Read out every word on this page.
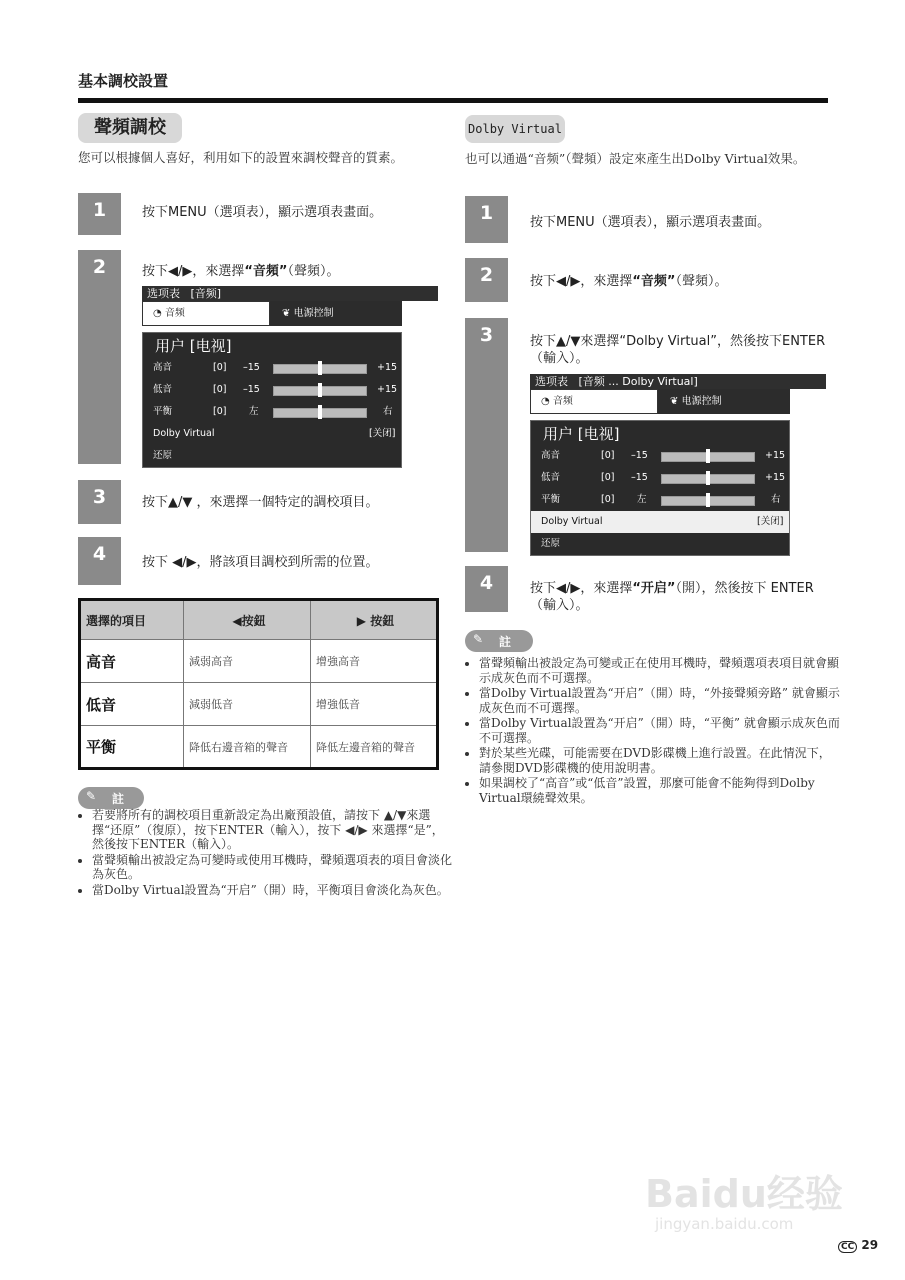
基本調校設置
聲頻調校
您可以根據個人喜好，利用如下的設置來調校聲音的質素。
1	按下MENU（選項表），顯示選項表畫面。
2	按下◀/▶，來選擇“音頻”（聲頻）。
选项表 [音频]
◔ 音频	❦ 电源控制
用户 [电视]
高音	[0] –15	+15
低音	[0] –15	+15
平衡	[0] 左	右
Dolby Virtual	[关闭]
还原
3	按下▲/▼ ，來選擇一個特定的調校項目。
4	按下 ◀/▶，將該項目調校到所需的位置。
選擇的項目	◀按鈕	▶ 按鈕
高音	減弱高音	增強高音
低音	減弱低音	增強低音
平衡	降低右邊音箱的聲音	降低左邊音箱的聲音
✎ 註
• 若要將所有的調校項目重新設定為出廠預設值，請按下 ▲/▼來選擇“还原”（復原），按下ENTER（輸入），按下 ◀/▶ 來選擇“是”，然後按下ENTER（輸入）。
• 當聲頻輸出被設定為可變時或使用耳機時，聲頻選項表的項目會淡化為灰色。
• 當Dolby Virtual設置為“开启”（開）時，平衡項目會淡化為灰色。
Dolby Virtual
也可以通過“音频”（聲頻）設定來產生出Dolby Virtual效果。
1	按下MENU（選項表），顯示選項表畫面。
2	按下◀/▶，來選擇“音频”（聲頻）。
3	按下▲/▼來選擇“Dolby Virtual”，然後按下ENTER（輸入）。
选项表 [音频 ... Dolby Virtual]
◔ 音频	❦ 电源控制
用户 [电视]
高音	[0] –15	+15
低音	[0] –15	+15
平衡	[0] 左	右
Dolby Virtual	[关闭]
还原
4	按下◀/▶，來選擇“开启”（開），然後按下 ENTER（輸入）。
✎ 註
• 當聲頻輸出被設定為可變或正在使用耳機時，聲頻選項表項目就會顯示成灰色而不可選擇。
• 當Dolby Virtual設置為“开启”（開）時，“外接聲頻旁路” 就會顯示成灰色而不可選擇。
• 當Dolby Virtual設置為“开启”（開）時，“平衡” 就會顯示成灰色而不可選擇。
• 對於某些光碟，可能需要在DVD影碟機上進行設置。在此情況下，請參閱DVD影碟機的使用說明書。
• 如果調校了“高音”或“低音”設置，那麼可能會不能夠得到Dolby Virtual環繞聲效果。
Baidu经验
jingyan.baidu.com
CC 29
